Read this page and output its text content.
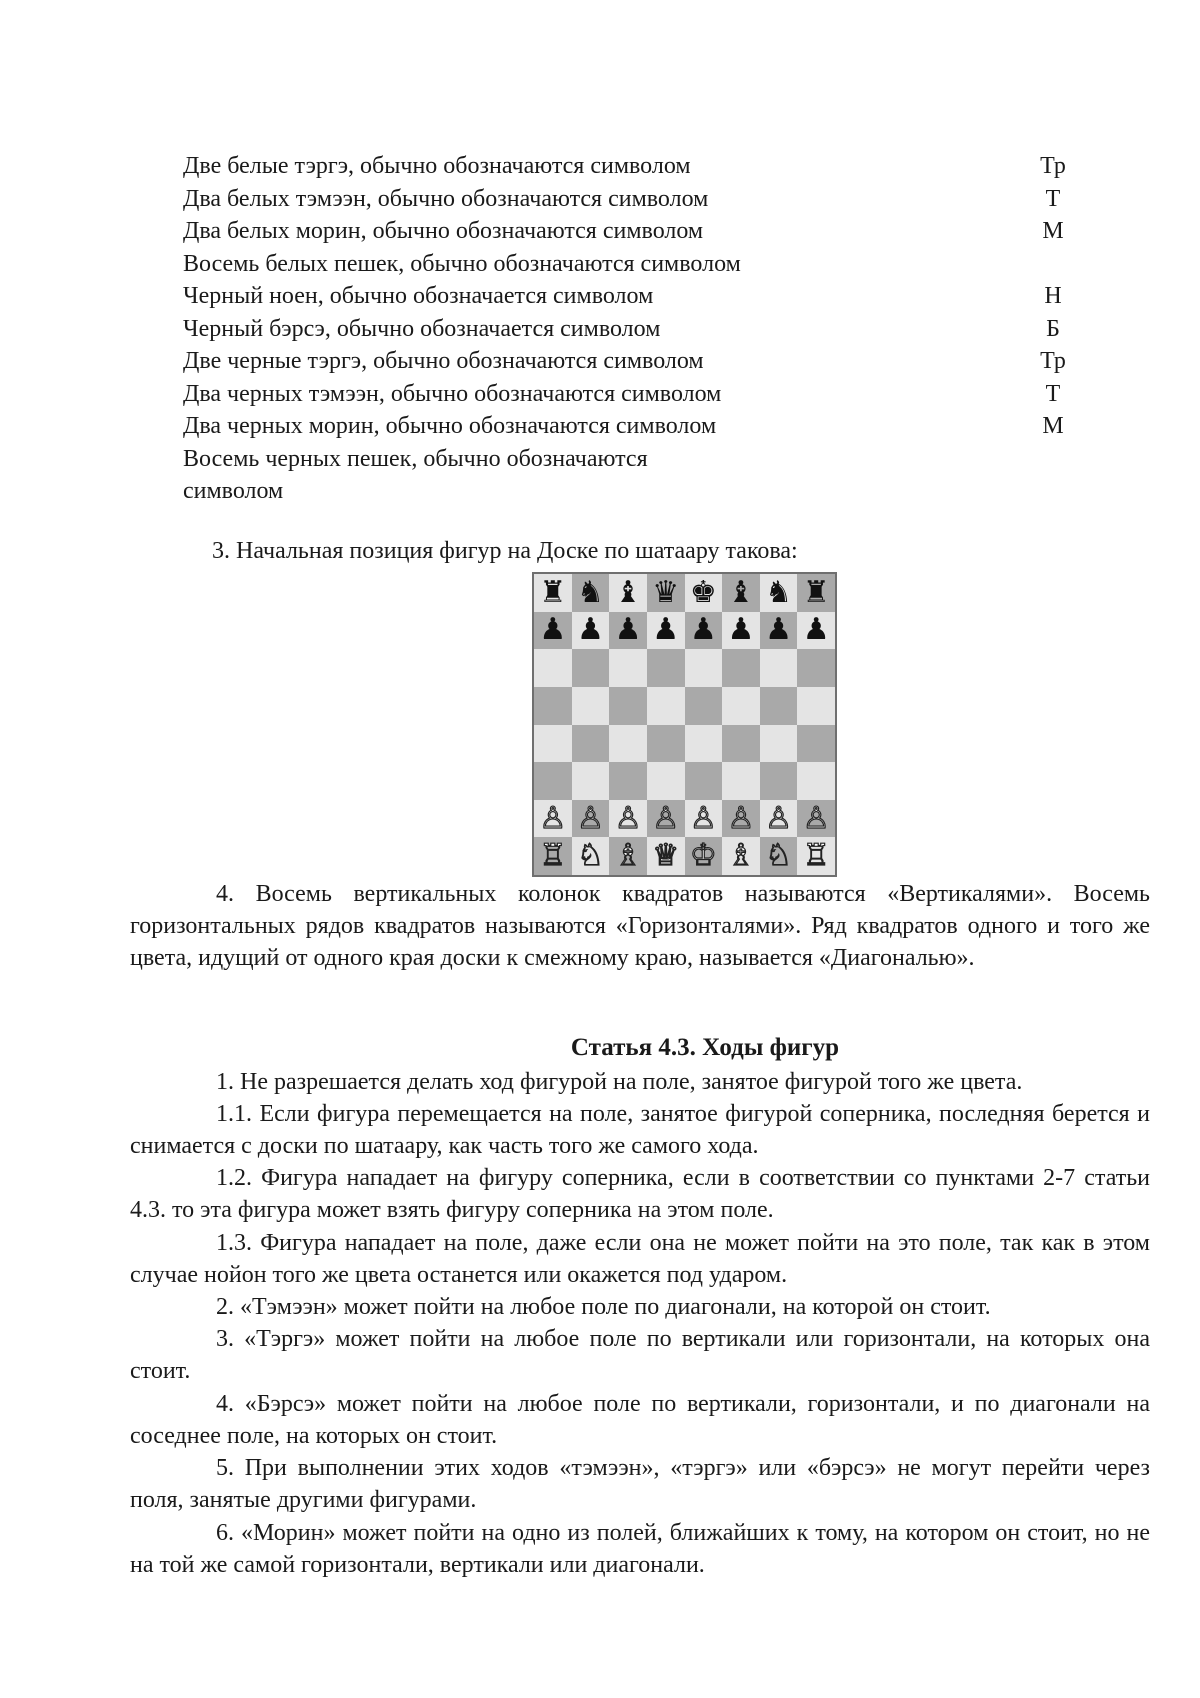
Две белые тэргэ, обычно обозначаются символом	Тр
Два белых тэмээн, обычно обозначаются символом	Т
Два белых морин, обычно обозначаются символом	М
Восемь белых пешек, обычно обозначаются символом
Черный ноен, обычно обозначается символом	Н
Черный бэрсэ, обычно обозначается символом	Б
Две черные тэргэ, обычно обозначаются символом	Тр
Два черных тэмээн, обычно обозначаются символом	Т
Два черных морин, обычно обозначаются символом	М
Восемь черных пешек, обычно обозначаются
символом
3. Начальная позиция фигур на Доске по шатаару такова:
♜ ♞ ♝ ♛ ♚ ♝ ♞ ♜
♟ ♟ ♟ ♟ ♟ ♟ ♟ ♟
♙ ♙ ♙ ♙ ♙ ♙ ♙ ♙
♖ ♘ ♗ ♕ ♔ ♗ ♘ ♖
4. Восемь вертикальных колонок квадратов называются «Вертикалями». Восемь горизонтальных рядов квадратов называются «Горизонталями». Ряд квадратов одного и того же цвета, идущий от одного края доски к смежному краю, называется «Диагональю».
Статья 4.3. Ходы фигур
1. Не разрешается делать ход фигурой на поле, занятое фигурой того же цвета.
1.1. Если фигура перемещается на поле, занятое фигурой соперника, последняя берется и снимается с доски по шатаару, как часть того же самого хода.
1.2. Фигура нападает на фигуру соперника, если в соответствии со пунктами 2-7 статьи 4.3. то эта фигура может взять фигуру соперника на этом поле.
1.3. Фигура нападает на поле, даже если она не может пойти на это поле, так как в этом случае нойон того же цвета останется или окажется под ударом.
2. «Тэмээн» может пойти на любое поле по диагонали, на которой он стоит.
3. «Тэргэ» может пойти на любое поле по вертикали или горизонтали, на которых она стоит.
4. «Бэрсэ» может пойти на любое поле по вертикали, горизонтали, и по диагонали на соседнее поле, на которых он стоит.
5. При выполнении этих ходов «тэмээн», «тэргэ» или «бэрсэ» не могут перейти через поля, занятые другими фигурами.
6. «Морин» может пойти на одно из полей, ближайших к тому, на котором он стоит, но не на той же самой горизонтали, вертикали или диагонали.
